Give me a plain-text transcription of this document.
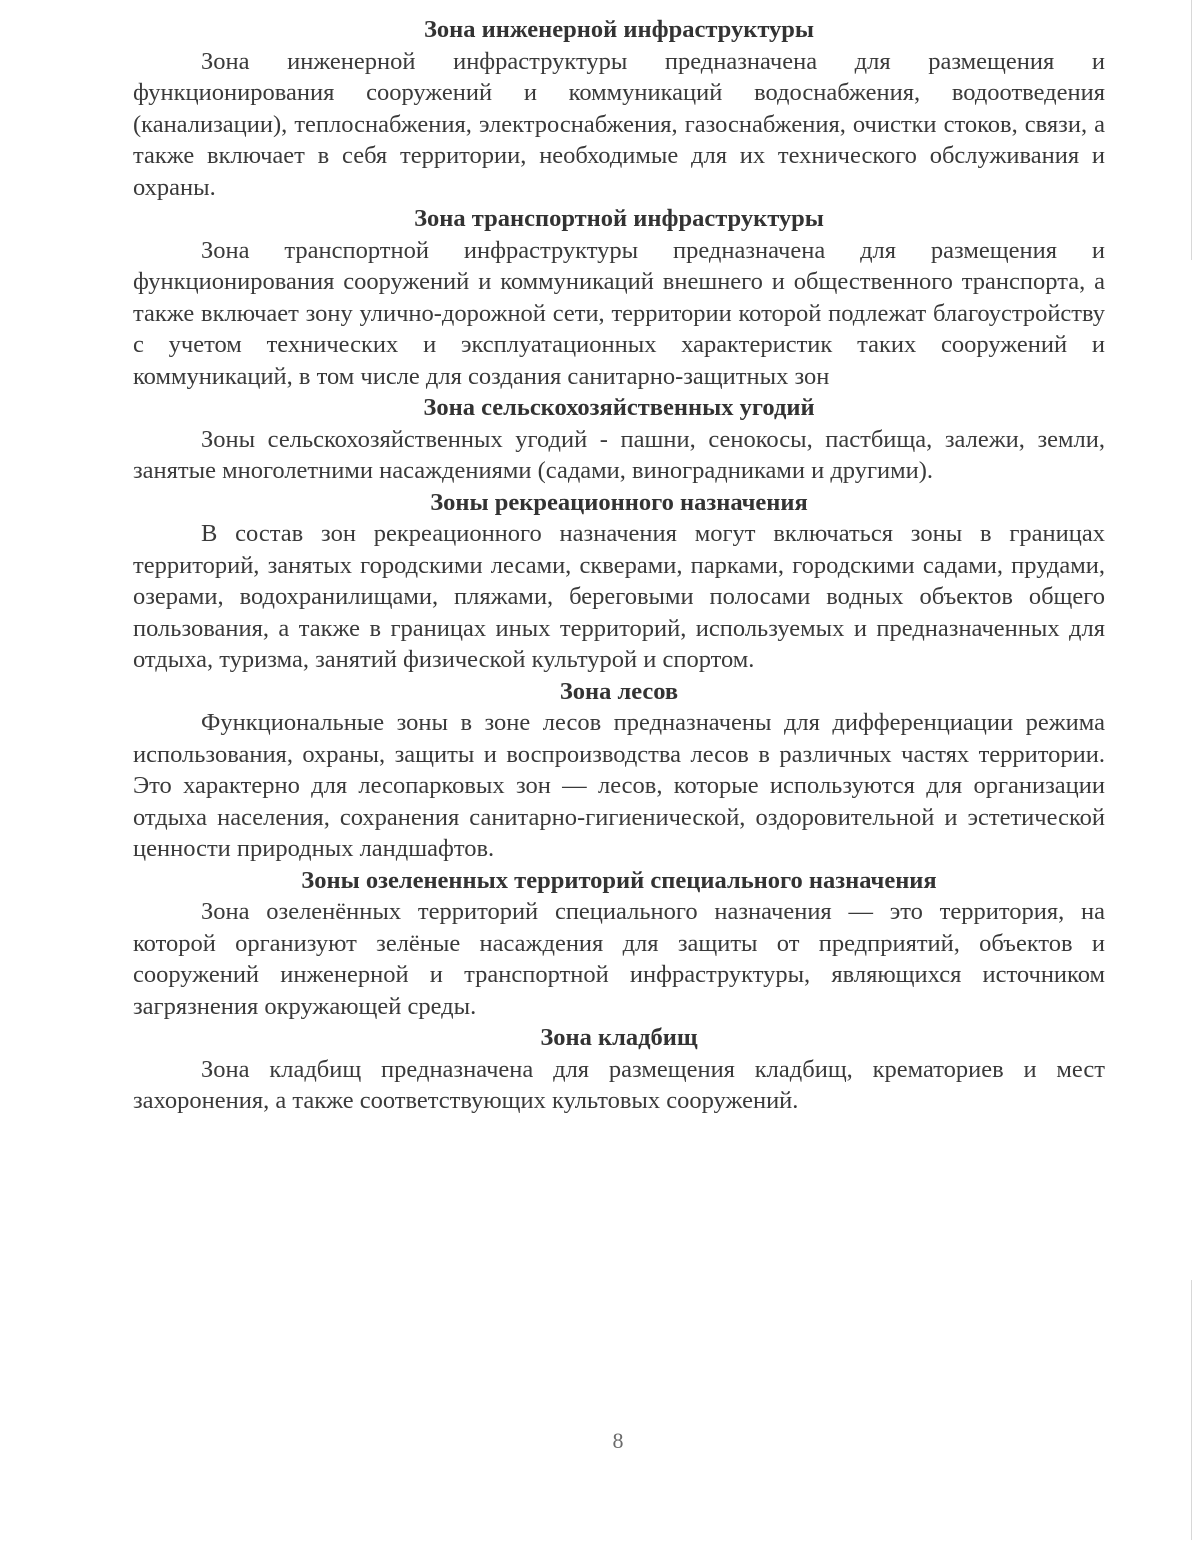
Зона инженерной инфраструктуры

Зона инженерной инфраструктуры предназначена для размещения и функционирования сооружений и коммуникаций водоснабжения, водоотведения (канализации), теплоснабжения, электроснабжения, газоснабжения, очистки стоков, связи, а также включает в себя территории, необходимые для их технического обслуживания и охраны.

Зона транспортной инфраструктуры

Зона транспортной инфраструктуры предназначена для размещения и функционирования сооружений и коммуникаций внешнего и общественного транспорта, а также включает зону улично-дорожной сети, территории которой подлежат благоустройству с учетом технических и эксплуатационных характеристик таких сооружений и коммуникаций, в том числе для создания санитарно-защитных зон

Зона сельскохозяйственных угодий

Зоны сельскохозяйственных угодий - пашни, сенокосы, пастбища, залежи, земли, занятые многолетними насаждениями (садами, виноградниками и другими).

Зоны рекреационного назначения

В состав зон рекреационного назначения могут включаться зоны в границах территорий, занятых городскими лесами, скверами, парками, городскими садами, прудами, озерами, водохранилищами, пляжами, береговыми полосами водных объектов общего пользования, а также в границах иных территорий, используемых и предназначенных для отдыха, туризма, занятий физической культурой и спортом.

Зона лесов

Функциональные зоны в зоне лесов предназначены для дифференциации режима использования, охраны, защиты и воспроизводства лесов в различных частях территории. Это характерно для лесопарковых зон — лесов, которые используются для организации отдыха населения, сохранения санитарно-гигиенической, оздоровительной и эстетической ценности природных ландшафтов.

Зоны озелененных территорий специального назначения

Зона озеленённых территорий специального назначения — это территория, на которой организуют зелёные насаждения для защиты от предприятий, объектов и сооружений инженерной и транспортной инфраструктуры, являющихся источником загрязнения окружающей среды.

Зона кладбищ

Зона кладбищ предназначена для размещения кладбищ, крематориев и мест захоронения, а также соответствующих культовых сооружений.

8
